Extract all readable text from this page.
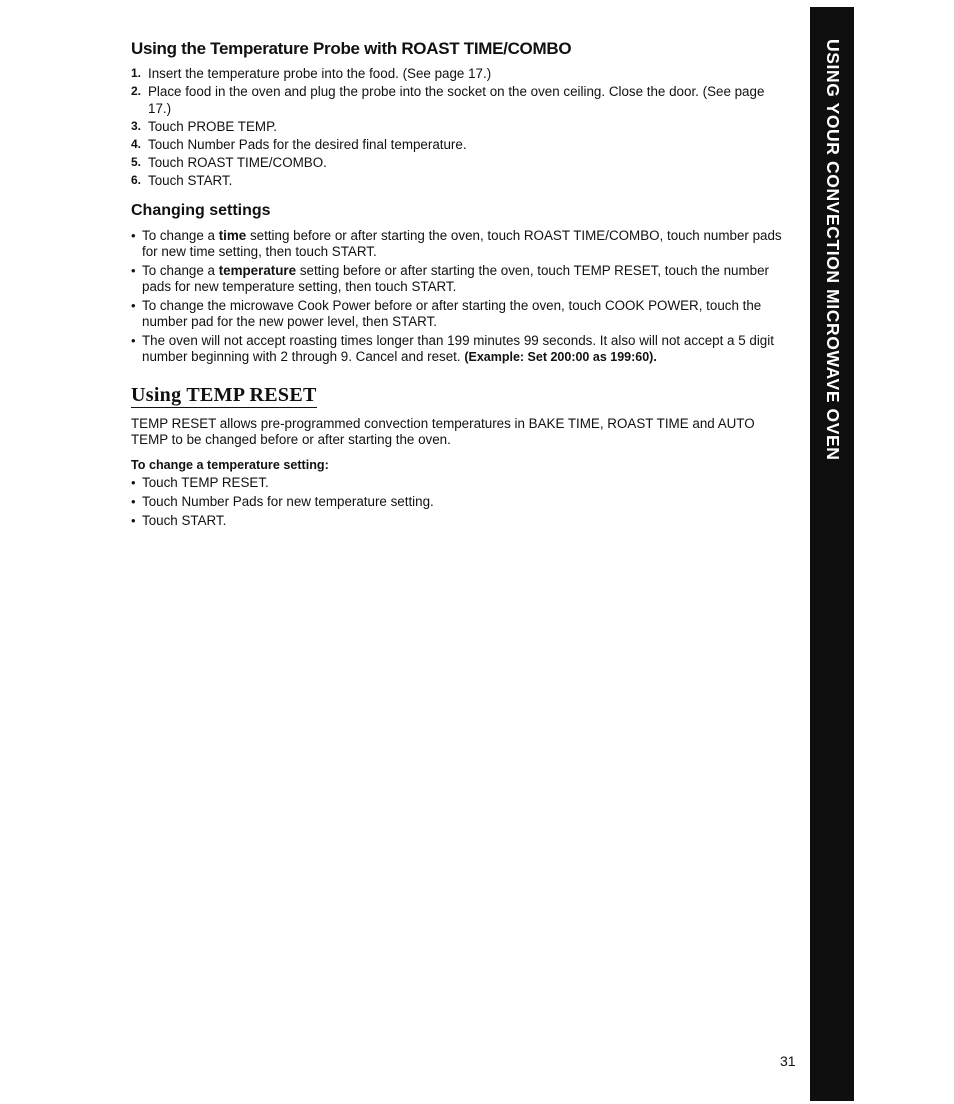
Using the Temperature Probe with ROAST TIME/COMBO
1. Insert the temperature probe into the food. (See page 17.)
2. Place food in the oven and plug the probe into the socket on the oven ceiling. Close the door. (See page 17.)
3. Touch PROBE TEMP.
4. Touch Number Pads for the desired final temperature.
5. Touch ROAST TIME/COMBO.
6. Touch START.
Changing settings
• To change a time setting before or after starting the oven, touch ROAST TIME/COMBO, touch number pads for new time setting, then touch START.
• To change a temperature setting before or after starting the oven, touch TEMP RESET, touch the number pads for new temperature setting, then touch START.
• To change the microwave Cook Power before or after starting the oven, touch COOK POWER, touch the number pad for the new power level, then START.
• The oven will not accept roasting times longer than 199 minutes 99 seconds. It also will not accept a 5 digit number beginning with 2 through 9. Cancel and reset. (Example: Set 200:00 as 199:60).
Using TEMP RESET

TEMP RESET allows pre-programmed convection temperatures in BAKE TIME, ROAST TIME and AUTO TEMP to be changed before or after starting the oven.

To change a temperature setting:
• Touch TEMP RESET.
• Touch Number Pads for new temperature setting.
• Touch START.
USING YOUR CONVECTION MICROWAVE OVEN
31
